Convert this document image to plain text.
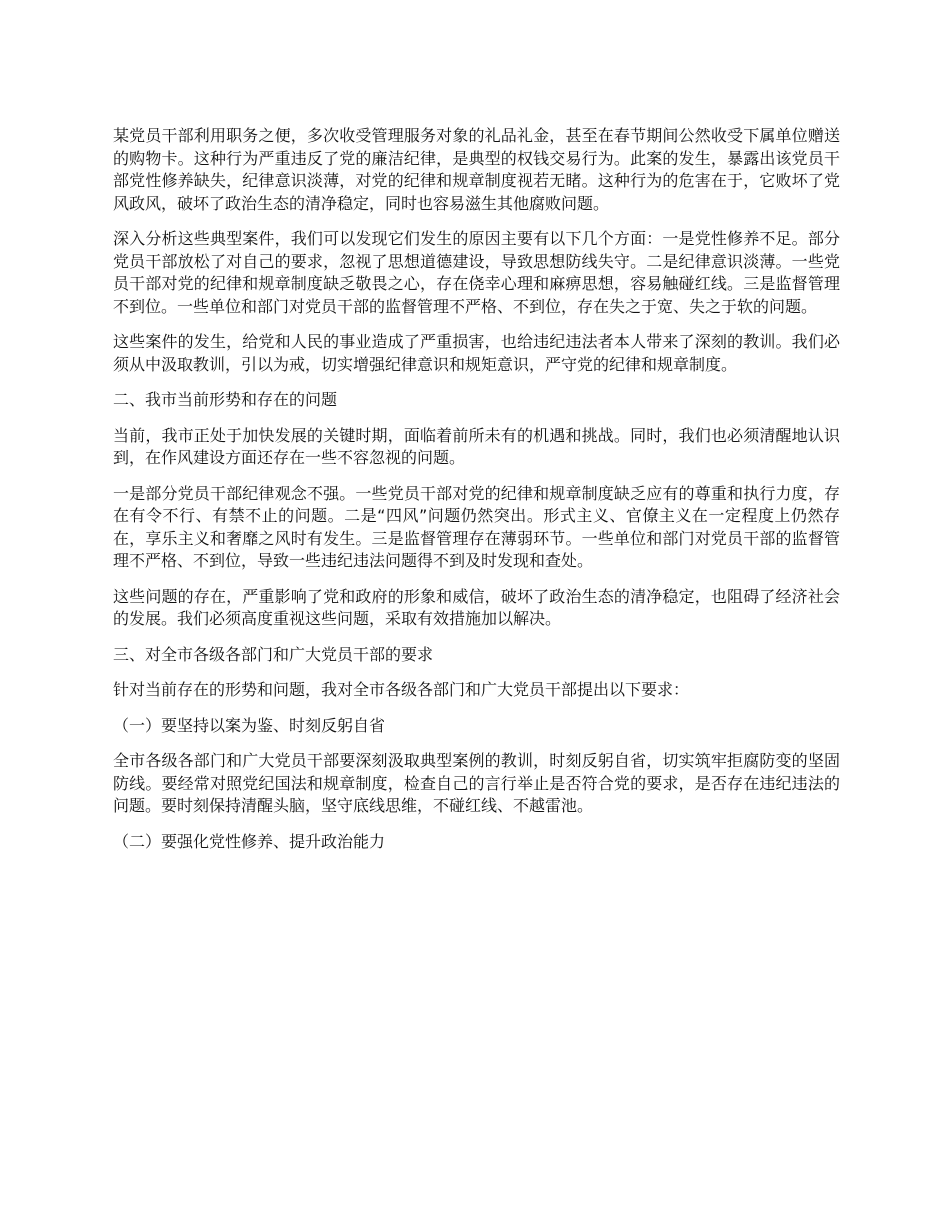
某党员干部利用职务之便，多次收受管理服务对象的礼品礼金，甚至在春节期间公然收受下属单位赠送的购物卡。这种行为严重违反了党的廉洁纪律，是典型的权钱交易行为。此案的发生，暴露出该党员干部党性修养缺失，纪律意识淡薄，对党的纪律和规章制度视若无睹。这种行为的危害在于，它败坏了党风政风，破坏了政治生态的清净稳定，同时也容易滋生其他腐败问题。

深入分析这些典型案件，我们可以发现它们发生的原因主要有以下几个方面：一是党性修养不足。部分党员干部放松了对自己的要求，忽视了思想道德建设，导致思想防线失守。二是纪律意识淡薄。一些党员干部对党的纪律和规章制度缺乏敬畏之心，存在侥幸心理和麻痹思想，容易触碰红线。三是监督管理不到位。一些单位和部门对党员干部的监督管理不严格、不到位，存在失之于宽、失之于软的问题。

这些案件的发生，给党和人民的事业造成了严重损害，也给违纪违法者本人带来了深刻的教训。我们必须从中汲取教训，引以为戒，切实增强纪律意识和规矩意识，严守党的纪律和规章制度。

二、我市当前形势和存在的问题

当前，我市正处于加快发展的关键时期，面临着前所未有的机遇和挑战。同时，我们也必须清醒地认识到，在作风建设方面还存在一些不容忽视的问题。

一是部分党员干部纪律观念不强。一些党员干部对党的纪律和规章制度缺乏应有的尊重和执行力度，存在有令不行、有禁不止的问题。二是“四风”问题仍然突出。形式主义、官僚主义在一定程度上仍然存在，享乐主义和奢靡之风时有发生。三是监督管理存在薄弱环节。一些单位和部门对党员干部的监督管理不严格、不到位，导致一些违纪违法问题得不到及时发现和查处。

这些问题的存在，严重影响了党和政府的形象和威信，破坏了政治生态的清净稳定，也阻碍了经济社会的发展。我们必须高度重视这些问题，采取有效措施加以解决。

三、对全市各级各部门和广大党员干部的要求

针对当前存在的形势和问题，我对全市各级各部门和广大党员干部提出以下要求：

（一）要坚持以案为鉴、时刻反躬自省

全市各级各部门和广大党员干部要深刻汲取典型案例的教训，时刻反躬自省，切实筑牢拒腐防变的坚固防线。要经常对照党纪国法和规章制度，检查自己的言行举止是否符合党的要求，是否存在违纪违法的问题。要时刻保持清醒头脑，坚守底线思维，不碰红线、不越雷池。

（二）要强化党性修养、提升政治能力
